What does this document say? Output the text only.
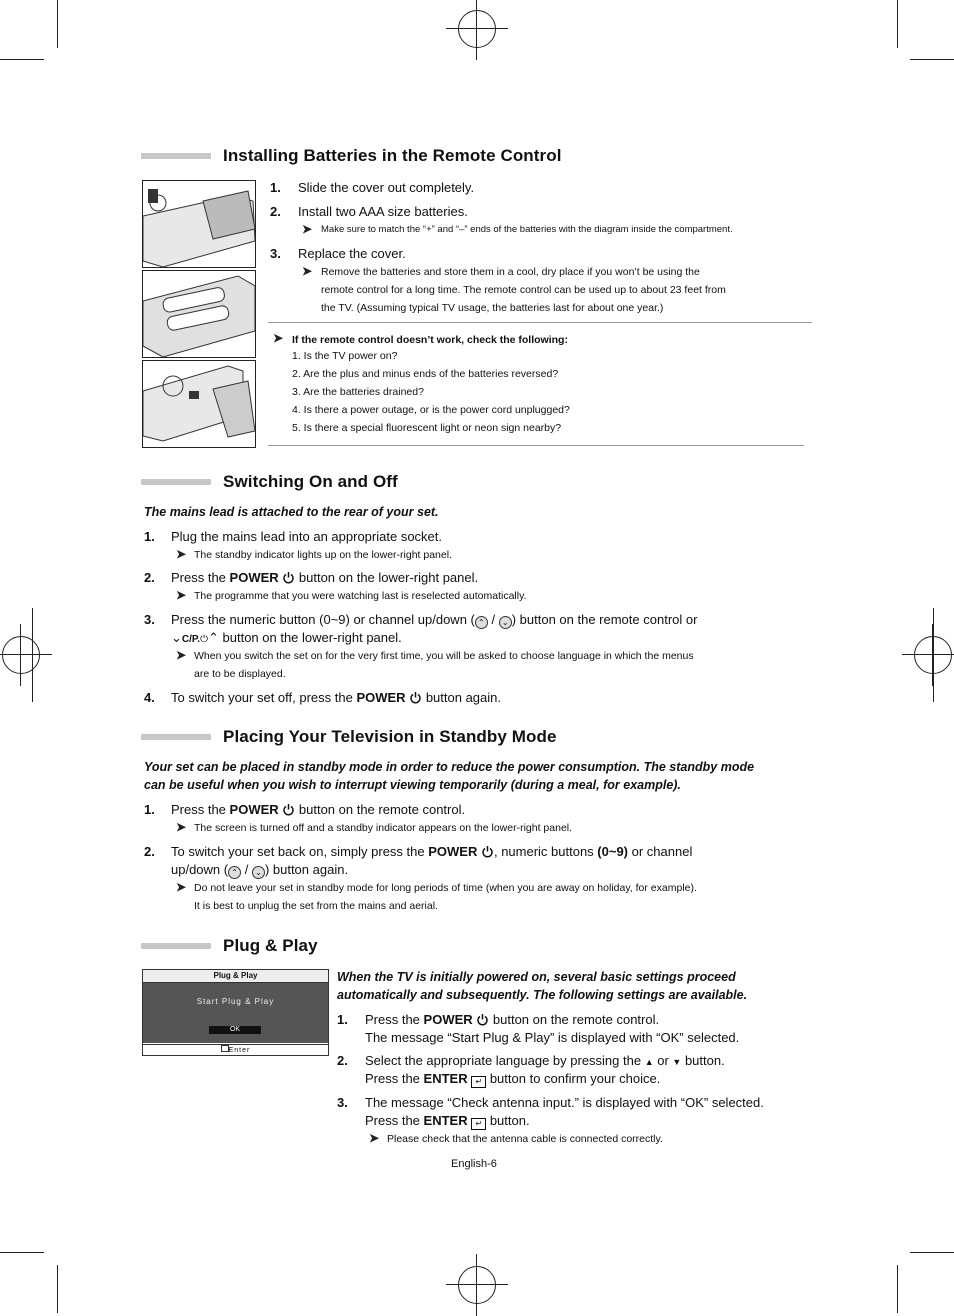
Installing Batteries in the Remote Control
1. Slide the cover out completely.
2. Install two AAA size batteries.
➤ Make sure to match the “+” and “–” ends of the batteries with the diagram inside the compartment.
3. Replace the cover.
➤ Remove the batteries and store them in a cool, dry place if you won’t be using the
remote control for a long time. The remote control can be used up to about 23 feet from
the TV. (Assuming typical TV usage, the batteries last for about one year.)
➤ If the remote control doesn’t work, check the following:
1. Is the TV power on?
2. Are the plus and minus ends of the batteries reversed?
3. Are the batteries drained?
4. Is there a power outage, or is the power cord unplugged?
5. Is there a special fluorescent light or neon sign nearby?
Switching On and Off
The mains lead is attached to the rear of your set.
1. Plug the mains lead into an appropriate socket.
➤ The standby indicator lights up on the lower-right panel.
2. Press the POWER  button on the lower-right panel.
➤ The programme that you were watching last is reselected automatically.
3. Press the numeric button (0~9) or channel up/down ( ⌃ / ⌄ ) button on the remote control or
⌄C/P.⏻⌃ button on the lower-right panel.
➤ When you switch the set on for the very first time, you will be asked to choose language in which the menus
are to be displayed.
4. To switch your set off, press the POWER  button again.
Placing Your Television in Standby Mode
Your set can be placed in standby mode in order to reduce the power consumption. The standby mode
can be useful when you wish to interrupt viewing temporarily (during a meal, for example).
1. Press the POWER  button on the remote control.
➤ The screen is turned off and a standby indicator appears on the lower-right panel.
2. To switch your set back on, simply press the POWER , numeric buttons (0~9) or channel
up/down ( ⌃ / ⌄ ) button again.
➤ Do not leave your set in standby mode for long periods of time (when you are away on holiday, for example).
It is best to unplug the set from the mains and aerial.
Plug & Play
Plug & Play
Start Plug & Play
OK
Enter
When the TV is initially powered on, several basic settings proceed
automatically and subsequently. The following settings are available.
1. Press the POWER  button on the remote control.
The message “Start Plug & Play” is displayed with “OK” selected.
2. Select the appropriate language by pressing the ▲ or ▼ button.
Press the ENTER ↵ button to confirm your choice.
3. The message “Check antenna input.” is displayed with “OK” selected.
Press the ENTER ↵ button.
➤ Please check that the antenna cable is connected correctly.
English-6
